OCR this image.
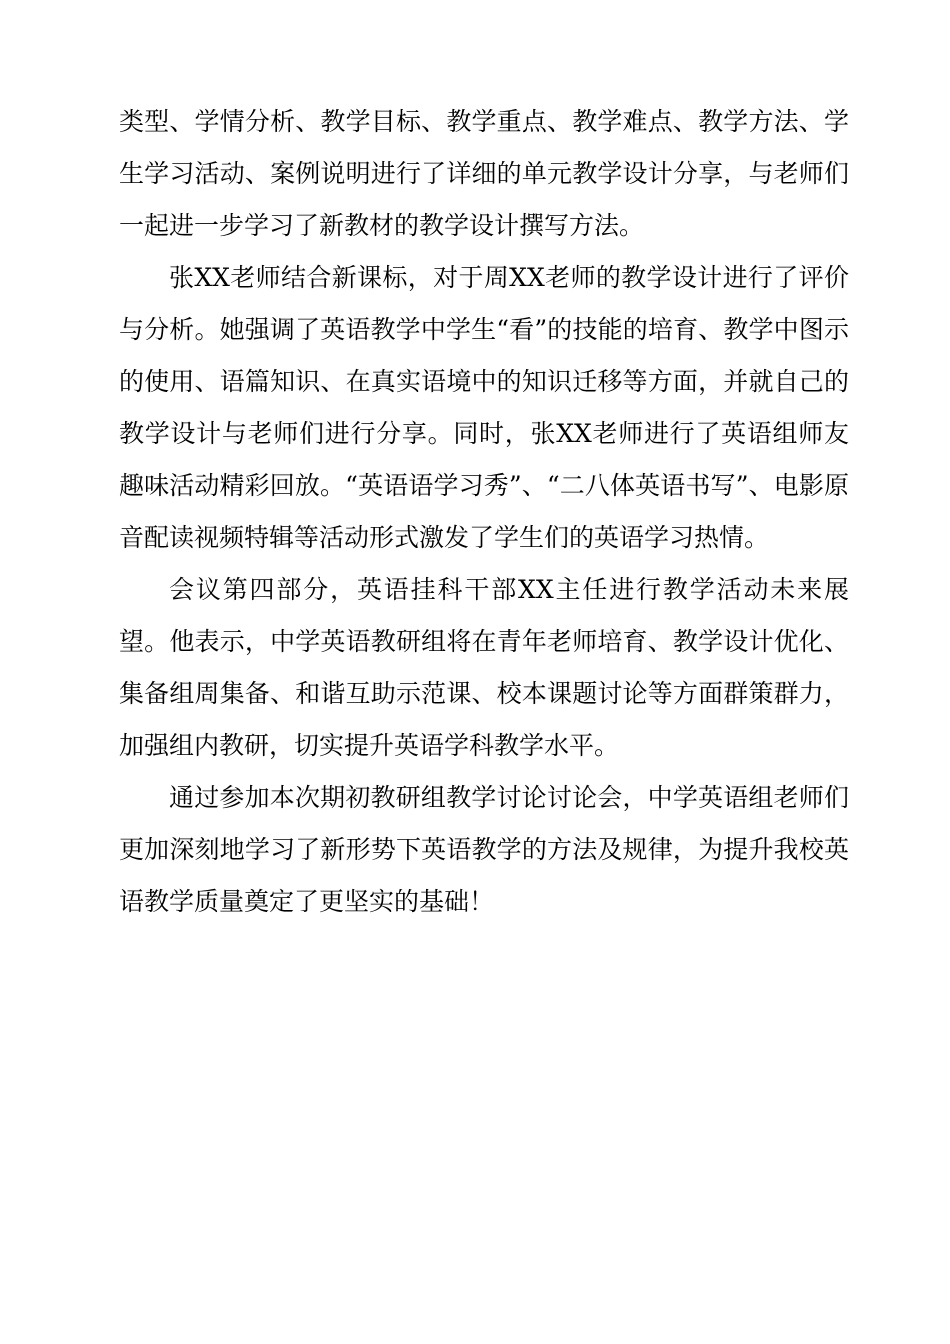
类型、学情分析、教学目标、教学重点、教学难点、教学方法、学生学习活动、案例说明进行了详细的单元教学设计分享，与老师们一起进一步学习了新教材的教学设计撰写方法。

张XX老师结合新课标，对于周XX老师的教学设计进行了评价与分析。她强调了英语教学中学生“看”的技能的培育、教学中图示的使用、语篇知识、在真实语境中的知识迁移等方面，并就自己的教学设计与老师们进行分享。同时，张XX老师进行了英语组师友趣味活动精彩回放。“英语语学习秀”、“二八体英语书写”、电影原音配读视频特辑等活动形式激发了学生们的英语学习热情。

会议第四部分，英语挂科干部XX主任进行教学活动未来展望。他表示，中学英语教研组将在青年老师培育、教学设计优化、集备组周集备、和谐互助示范课、校本课题讨论等方面群策群力，加强组内教研，切实提升英语学科教学水平。

通过参加本次期初教研组教学讨论讨论会，中学英语组老师们更加深刻地学习了新形势下英语教学的方法及规律，为提升我校英语教学质量奠定了更坚实的基础！
